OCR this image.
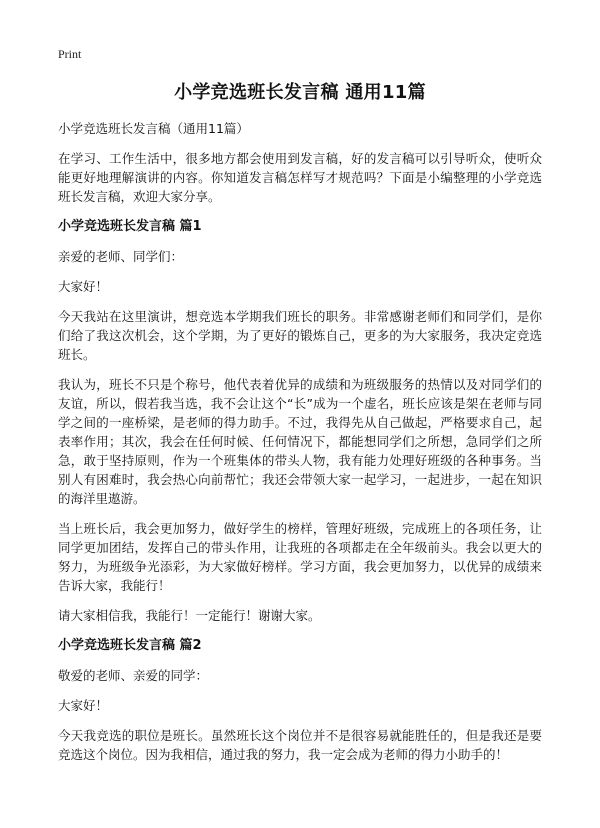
Print
小学竞选班长发言稿 通用11篇

小学竞选班长发言稿（通用11篇）

在学习、工作生活中，很多地方都会使用到发言稿，好的发言稿可以引导听众，使听众能更好地理解演讲的内容。你知道发言稿怎样写才规范吗？下面是小编整理的小学竞选班长发言稿，欢迎大家分享。

小学竞选班长发言稿 篇1

亲爱的老师、同学们：

大家好！

今天我站在这里演讲，想竞选本学期我们班长的职务。非常感谢老师们和同学们，是你们给了我这次机会，这个学期，为了更好的锻炼自己，更多的为大家服务，我决定竞选班长。

我认为，班长不只是个称号，他代表着优异的成绩和为班级服务的热情以及对同学们的友谊，所以，假若我当选，我不会让这个“长”成为一个虚名，班长应该是架在老师与同学之间的一座桥梁，是老师的得力助手。不过，我得先从自己做起，严格要求自己，起表率作用；其次，我会在任何时候、任何情况下，都能想同学们之所想，急同学们之所急，敢于坚持原则，作为一个班集体的带头人物，我有能力处理好班级的各种事务。当别人有困难时，我会热心向前帮忙；我还会带领大家一起学习，一起进步，一起在知识的海洋里遨游。

当上班长后，我会更加努力，做好学生的榜样，管理好班级，完成班上的各项任务，让同学更加团结，发挥自己的带头作用，让我班的各项都走在全年级前头。我会以更大的努力，为班级争光添彩，为大家做好榜样。学习方面，我会更加努力，以优异的成绩来告诉大家，我能行！

请大家相信我，我能行！一定能行！谢谢大家。

小学竞选班长发言稿 篇2

敬爱的老师、亲爱的同学：

大家好！

今天我竞选的职位是班长。虽然班长这个岗位并不是很容易就能胜任的，但是我还是要竞选这个岗位。因为我相信，通过我的努力，我一定会成为老师的得力小助手的！
